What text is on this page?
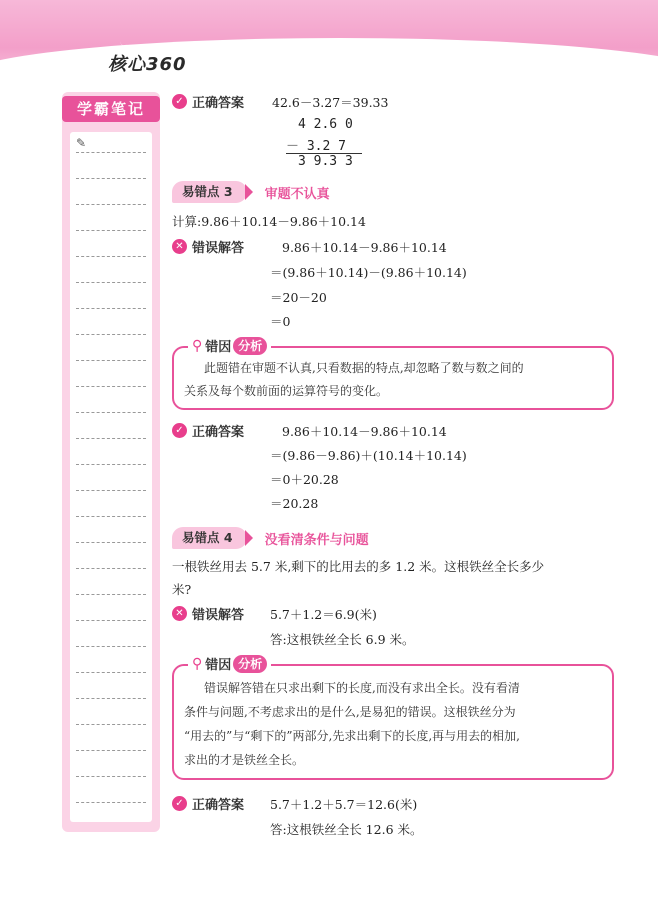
核心360
学霸笔记
✎
✓ 正确答案 42.6－3.27＝39.33
4 2.6 0
－ 3.2 7
3 9.3 3
易错点 3	审题不认真
计算:9.86＋10.14－9.86＋10.14
✕ 错误解答	9.86＋10.14－9.86＋10.14
＝(9.86＋10.14)－(9.86＋10.14)
＝20－20
＝0
此题错在审题不认真,只看数据的特点,却忽略了数与数之间的
关系及每个数前面的运算符号的变化。
⚲ 错因 分析
✓ 正确答案	9.86＋10.14－9.86＋10.14
＝(9.86－9.86)＋(10.14＋10.14)
＝0＋20.28
＝20.28
易错点 4	没看清条件与问题
一根铁丝用去 5.7 米,剩下的比用去的多 1.2 米。这根铁丝全长多少
米?
✕ 错误解答 5.7＋1.2＝6.9(米)
答:这根铁丝全长 6.9 米。
错误解答错在只求出剩下的长度,而没有求出全长。没有看清
条件与问题,不考虑求出的是什么,是易犯的错误。这根铁丝分为
“用去的”与“剩下的”两部分,先求出剩下的长度,再与用去的相加,
求出的才是铁丝全长。
⚲ 错因 分析
✓ 正确答案 5.7＋1.2＋5.7＝12.6(米)
答:这根铁丝全长 12.6 米。
